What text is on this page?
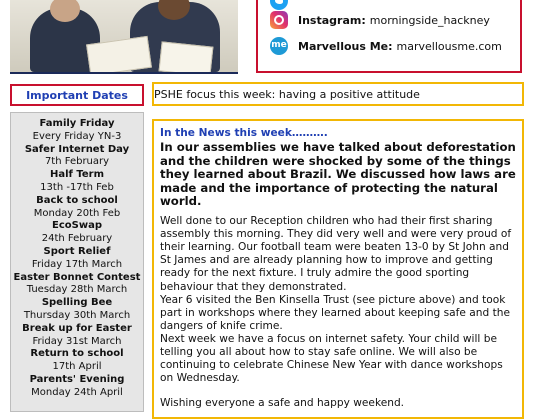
Instagram: morningside_hackney
me Marvellous Me: marvellousme.com
Important Dates	PSHE focus this week: having a positive attitude
Family Friday
Every Friday YN-3
Safer Internet Day
7th February
Half Term
13th -17th Feb
Back to school
Monday 20th Feb
EcoSwap
24th February
Sport Relief
Friday 17th March
Easter Bonnet Contest
Tuesday 28th March
Spelling Bee
Thursday 30th March
Break up for Easter
Friday 31st March
Return to school
17th April
Parents' Evening
Monday 24th April
In the News this week……….

In our assemblies we have talked about deforestation and the children were shocked by some of the things they learned about Brazil. We discussed how laws are made and the importance of protecting the natural world.

Well done to our Reception children who had their first sharing assembly this morning. They did very well and were very proud of their learning. Our football team were beaten 13-0 by St John and St James and are already planning how to improve and getting ready for the next fixture. I truly admire the good sporting behaviour that they demonstrated.

Year 6 visited the Ben Kinsella Trust (see picture above) and took part in workshops where they learned about keeping safe and the dangers of knife crime.

Next week we have a focus on internet safety. Your child will be telling you all about how to stay safe online. We will also be continuing to celebrate Chinese New Year with dance workshops on Wednesday.

Wishing everyone a safe and happy weekend.
